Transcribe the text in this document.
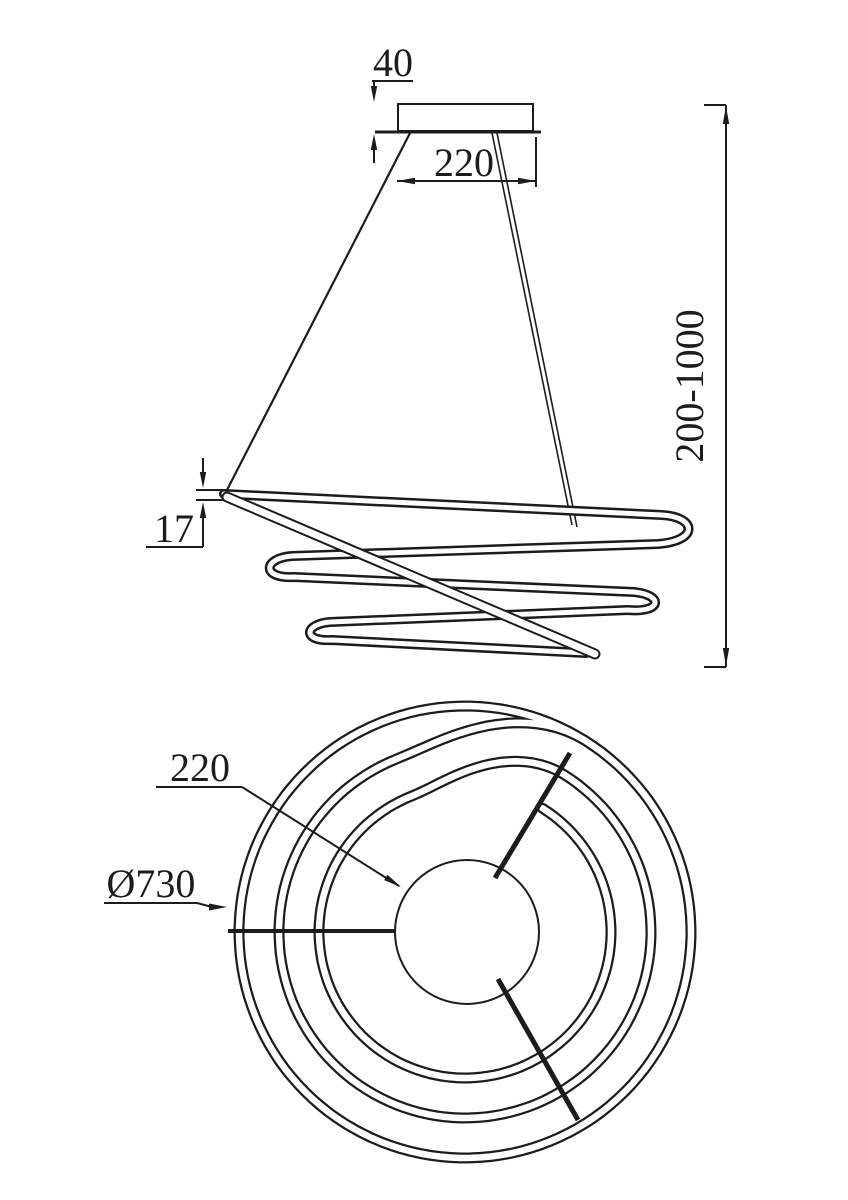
40
220
200-1000
17
220
Ø730
